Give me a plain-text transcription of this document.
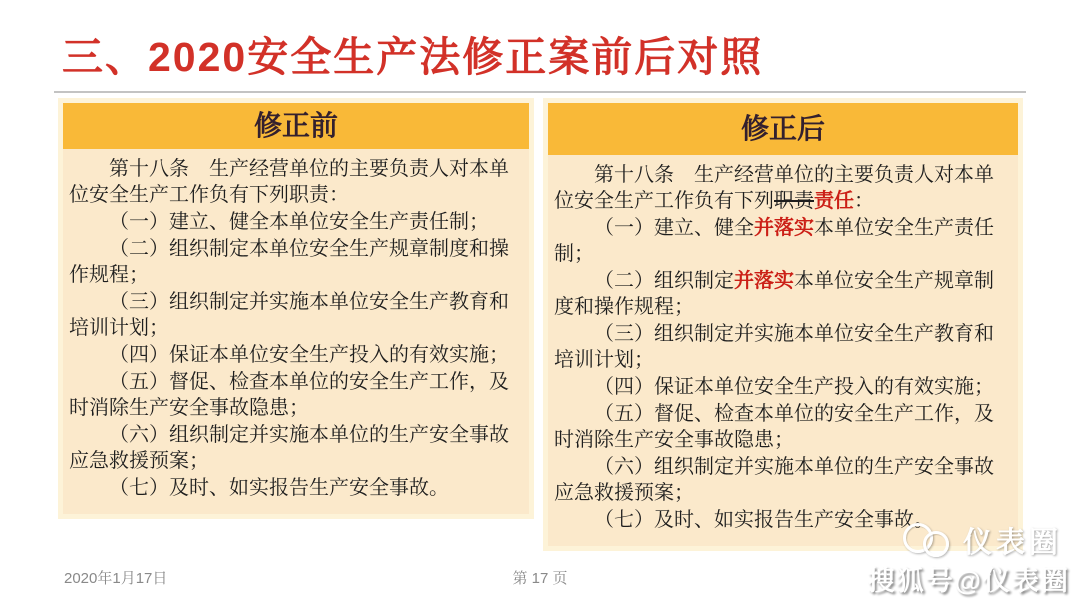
三、2020安全生产法修正案前后对照
修正前

第十八条　生产经营单位的主要负责人对本单位安全生产工作负有下列职责：

（一）建立、健全本单位安全生产责任制；

（二）组织制定本单位安全生产规章制度和操作规程；

（三）组织制定并实施本单位安全生产教育和培训计划；

（四）保证本单位安全生产投入的有效实施；

（五）督促、检查本单位的安全生产工作，及时消除生产安全事故隐患；

（六）组织制定并实施本单位的生产安全事故应急救援预案；

（七）及时、如实报告生产安全事故。

修正后

第十八条　生产经营单位的主要负责人对本单位安全生产工作负有下列职责责任：

（一）建立、健全并落实本单位安全生产责任制；

（二）组织制定并落实本单位安全生产规章制度和操作规程；

（三）组织制定并实施本单位安全生产教育和培训计划；

（四）保证本单位安全生产投入的有效实施；

（五）督促、检查本单位的安全生产工作，及时消除生产安全事故隐患；

（六）组织制定并实施本单位的生产安全事故应急救援预案；

（七）及时、如实报告生产安全事故。

2020年1月17日	第 17 页
仪表圈
搜狐号@仪表圈
